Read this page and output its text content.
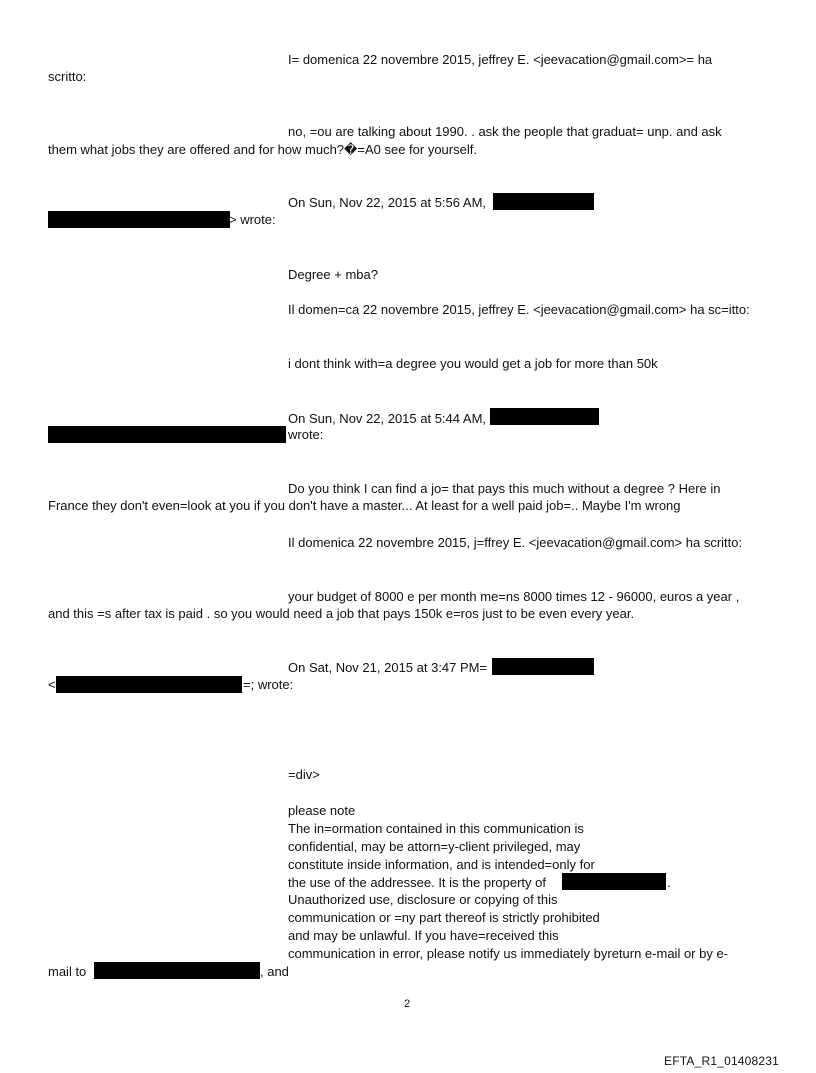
I= domenica 22 novembre 2015, jeffrey E. <jeevacation@gmail.com>= ha
scritto:
no, =ou are talking about 1990. . ask the people that graduat= unp. and ask
them what jobs they are offered and for how much?�=A0 see for yourself.
On Sun, Nov 22, 2015 at 5:56 AM,
> wrote:
Degree + mba?
Il domen=ca 22 novembre 2015, jeffrey E. <jeevacation@gmail.com> ha sc=itto:
i dont think with=a degree you would get a job for more than 50k
On Sun, Nov 22, 2015 at 5:44 AM,
wrote:
Do you think I can find a jo= that pays this much without a degree ? Here in
France they don't even=look at you if you don't have a master... At least for a well paid job=.. Maybe I'm wrong
Il domenica 22 novembre 2015, j=ffrey E. <jeevacation@gmail.com> ha scritto:
your budget of 8000 e per month me=ns 8000 times 12 - 96000, euros a year ,
and this =s after tax is paid . so you would need a job that pays 150k e=ros just to be even every year.
On Sat, Nov 21, 2015 at 3:47 PM=
<	=; wrote:
=div>
please note
The in=ormation contained in this communication is
confidential, may be attorn=y-client privileged, may
constitute inside information, and is intended=only for
the use of the addressee. It is the property of	.
Unauthorized use, disclosure or copying of this
communication or =ny part thereof is strictly prohibited
and may be unlawful. If you have=received this
communication in error, please notify us immediately byreturn e-mail or by e-
mail to	, and
2
EFTA_R1_01408231
